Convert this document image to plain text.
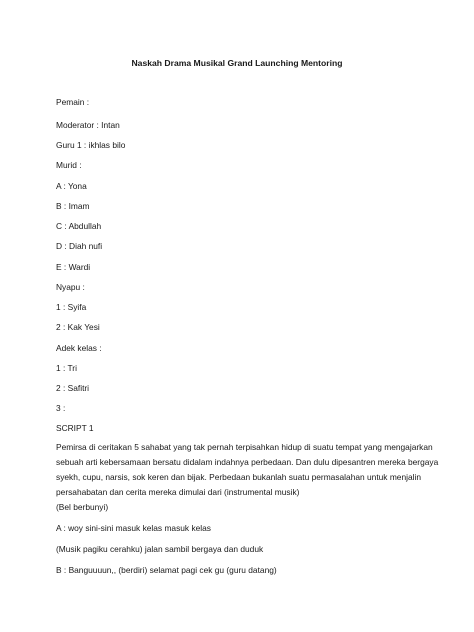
Naskah Drama Musikal Grand Launching Mentoring
Pemain :
Moderator : Intan
Guru 1 : ikhlas bilo
Murid :
A : Yona
B : Imam
C : Abdullah
D : Diah nufi
E : Wardi
Nyapu :
1 : Syifa
2 : Kak Yesi
Adek kelas :
1 : Tri
2 : Safitri
3 :
SCRIPT 1
Pemirsa di ceritakan 5 sahabat yang tak pernah terpisahkan hidup di suatu tempat yang mengajarkan
sebuah arti kebersamaan bersatu didalam indahnya perbedaan. Dan dulu dipesantren mereka bergaya
syekh, cupu, narsis, sok keren dan bijak. Perbedaan bukanlah suatu permasalahan untuk menjalin
persahabatan dan cerita mereka dimulai dari (instrumental musik)
(Bel berbunyi)
A : woy sini-sini masuk kelas masuk kelas
(Musik pagiku cerahku) jalan sambil bergaya dan duduk
B : Banguuuun,, (berdiri) selamat pagi cek gu (guru datang)
